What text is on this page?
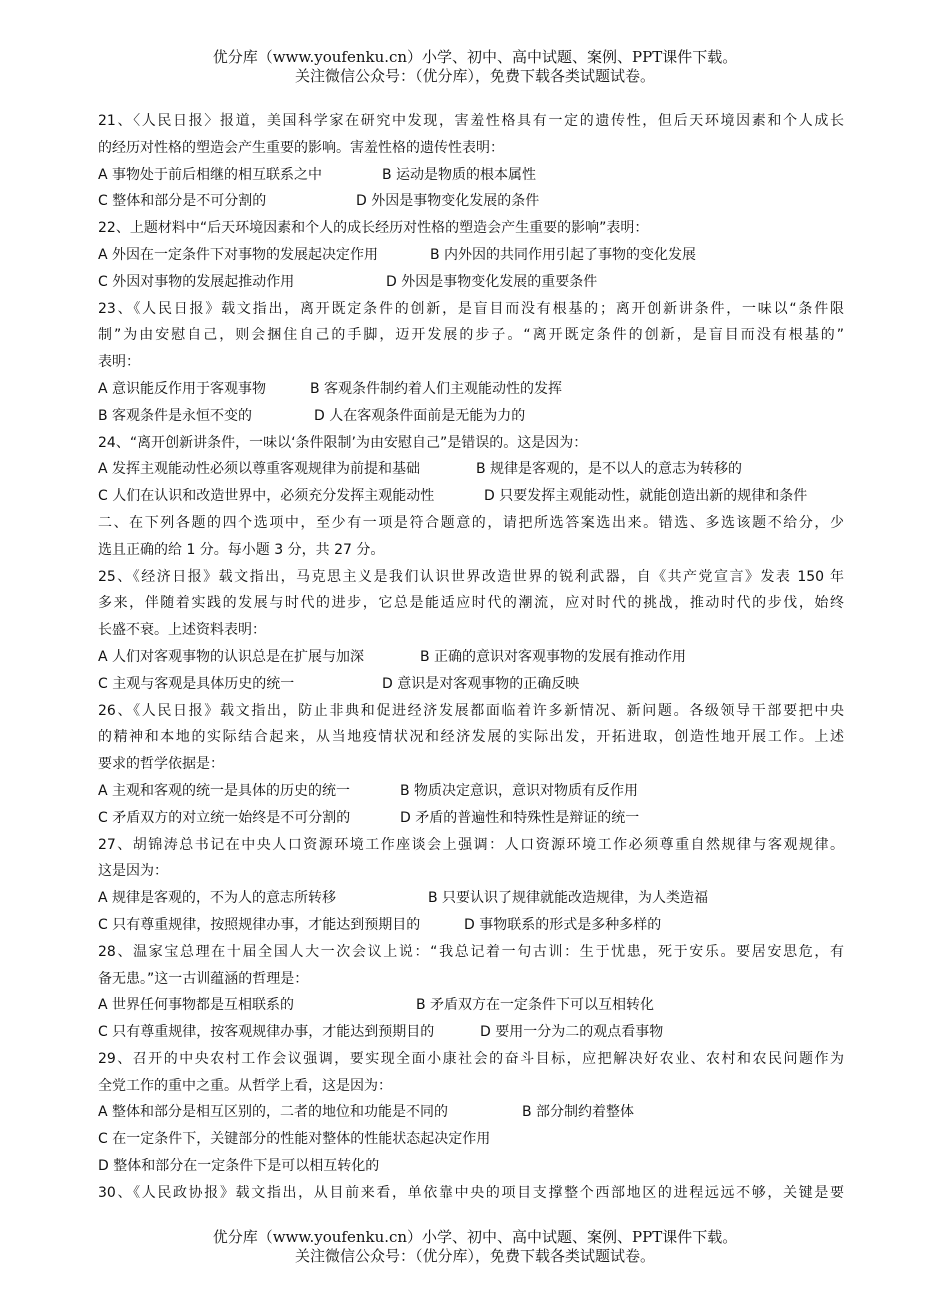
优分库（www.youfenku.cn）小学、初中、高中试题、案例、PPT课件下载。
关注微信公众号：（优分库），免费下载各类试题试卷。
21、〈人民日报〉报道，美国科学家在研究中发现，害羞性格具有一定的遗传性，但后天环境因素和个人成长
的经历对性格的塑造会产生重要的影响。害羞性格的遗传性表明：
A 事物处于前后相继的相互联系之中	B 运动是物质的根本属性
C 整体和部分是不可分割的	D 外因是事物变化发展的条件
22、上题材料中“后天环境因素和个人的成长经历对性格的塑造会产生重要的影响”表明：
A 外因在一定条件下对事物的发展起决定作用	B 内外因的共同作用引起了事物的变化发展
C 外因对事物的发展起推动作用	D 外因是事物变化发展的重要条件
23、《人民日报》载文指出，离开既定条件的创新，是盲目而没有根基的；离开创新讲条件，一味以“条件限
制”为由安慰自己，则会捆住自己的手脚，迈开发展的步子。“离开既定条件的创新，是盲目而没有根基的”
表明：
A 意识能反作用于客观事物	B 客观条件制约着人们主观能动性的发挥
B 客观条件是永恒不变的	D 人在客观条件面前是无能为力的
24、“离开创新讲条件，一味以‘条件限制’为由安慰自己”是错误的。这是因为：
A 发挥主观能动性必须以尊重客观规律为前提和基础	B 规律是客观的，是不以人的意志为转移的
C 人们在认识和改造世界中，必须充分发挥主观能动性	D 只要发挥主观能动性，就能创造出新的规律和条件
二、在下列各题的四个选项中，至少有一项是符合题意的，请把所选答案选出来。错选、多选该题不给分，少
选且正确的给 1 分。每小题 3 分，共 27 分。
25、《经济日报》载文指出，马克思主义是我们认识世界改造世界的锐利武器，自《共产党宣言》发表 150 年
多来，伴随着实践的发展与时代的进步，它总是能适应时代的潮流，应对时代的挑战，推动时代的步伐，始终
长盛不衰。上述资料表明：
A 人们对客观事物的认识总是在扩展与加深	B 正确的意识对客观事物的发展有推动作用
C 主观与客观是具体历史的统一	D 意识是对客观事物的正确反映
26、《人民日报》载文指出，防止非典和促进经济发展都面临着许多新情况、新问题。各级领导干部要把中央
的精神和本地的实际结合起来，从当地疫情状况和经济发展的实际出发，开拓进取，创造性地开展工作。上述
要求的哲学依据是：
A 主观和客观的统一是具体的历史的统一	B 物质决定意识，意识对物质有反作用
C 矛盾双方的对立统一始终是不可分割的	D 矛盾的普遍性和特殊性是辩证的统一
27、胡锦涛总书记在中央人口资源环境工作座谈会上强调：人口资源环境工作必须尊重自然规律与客观规律。
这是因为：
A 规律是客观的，不为人的意志所转移	B 只要认识了规律就能改造规律，为人类造福
C 只有尊重规律，按照规律办事，才能达到预期目的	D 事物联系的形式是多种多样的
28、温家宝总理在十届全国人大一次会议上说：“我总记着一句古训：生于忧患，死于安乐。要居安思危，有
备无患。”这一古训蕴涵的哲理是：
A 世界任何事物都是互相联系的	B 矛盾双方在一定条件下可以互相转化
C 只有尊重规律，按客观规律办事，才能达到预期目的	D 要用一分为二的观点看事物
29、召开的中央农村工作会议强调，要实现全面小康社会的奋斗目标，应把解决好农业、农村和农民问题作为
全党工作的重中之重。从哲学上看，这是因为：
A 整体和部分是相互区别的，二者的地位和功能是不同的	B 部分制约着整体
C 在一定条件下，关键部分的性能对整体的性能状态起决定作用
D 整体和部分在一定条件下是可以相互转化的
30、《人民政协报》载文指出，从目前来看，单依靠中央的项目支撑整个西部地区的进程远远不够，关键是要
优分库（www.youfenku.cn）小学、初中、高中试题、案例、PPT课件下载。
关注微信公众号：（优分库），免费下载各类试题试卷。
